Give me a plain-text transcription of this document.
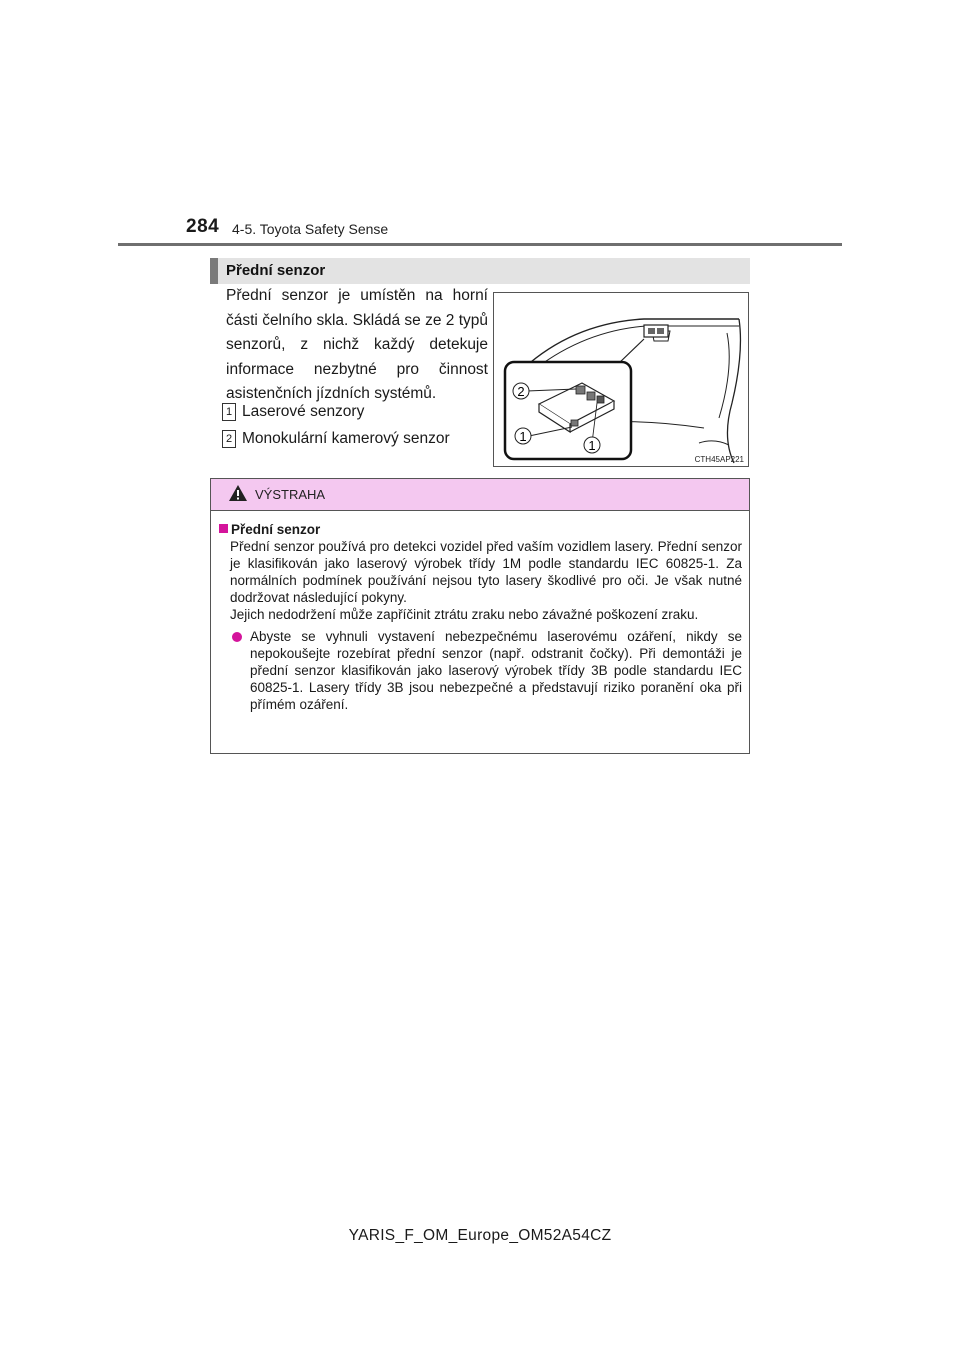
284 4-5. Toyota Safety Sense
Přední senzor
Přední senzor je umístěn na horní části čelního skla. Skládá se ze 2 typů senzorů, z nichž každý detekuje informace nezbytné pro činnost asistenčních jízdních systémů.
1 Laserové senzory
2 Monokulární kamerový senzor
2
1
1
CTH45AP221
VÝSTRAHA
Přední senzor
Přední senzor používá pro detekci vozidel před vaším vozidlem lasery. Přední senzor je klasifikován jako laserový výrobek třídy 1M podle standardu IEC 60825-1. Za normálních podmínek používání nejsou tyto lasery škodlivé pro oči. Je však nutné dodržovat následující pokyny.
Jejich nedodržení může zapříčinit ztrátu zraku nebo závažné poškození zraku.
Abyste se vyhnuli vystavení nebezpečnému laserovému ozáření, nikdy se nepokoušejte rozebírat přední senzor (např. odstranit čočky). Při demontáži je přední senzor klasifikován jako laserový výrobek třídy 3B podle standardu IEC 60825-1. Lasery třídy 3B jsou nebezpečné a představují riziko poranění oka při přímém ozáření.
YARIS_F_OM_Europe_OM52A54CZ
